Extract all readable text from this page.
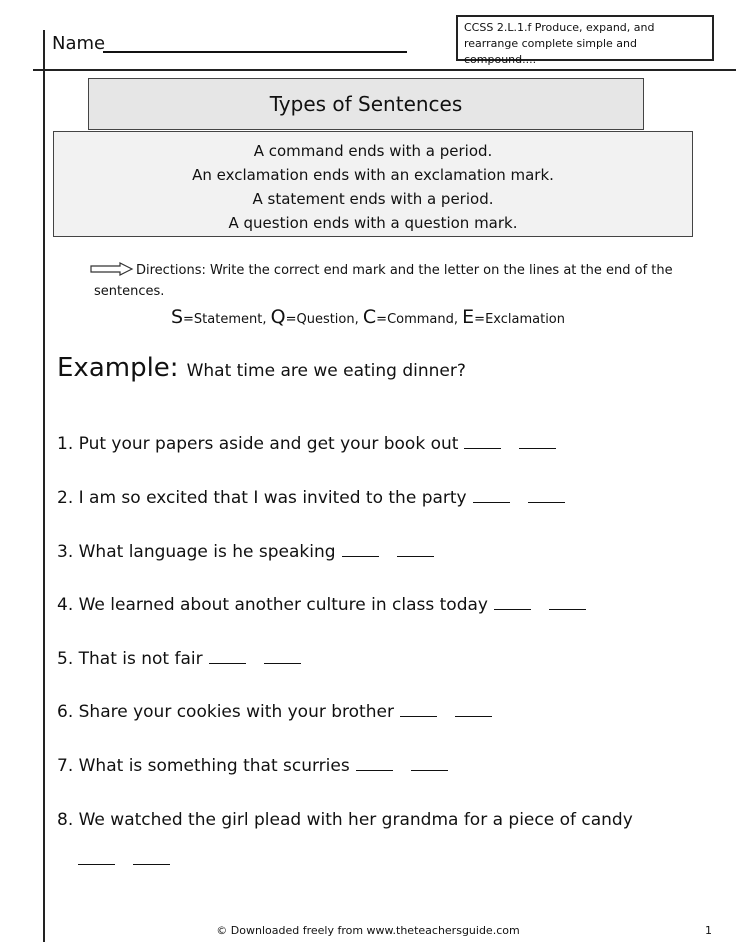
Name
CCSS 2.L.1.f Produce, expand, and rearrange complete simple and compound....
Types of Sentences
A command ends with a period.
An exclamation ends with an exclamation mark.
A statement ends with a period.
A question ends with a question mark.
Directions: Write the correct end mark and the letter on the lines at the end of the sentences.
S=Statement, Q=Question, C=Command, E=Exclamation
Example: What time are we eating dinner?
1. Put your papers aside and get your book out
2. I am so excited that I was invited to the party
3. What language is he speaking
4. We learned about another culture in class today
5. That is not fair
6. Share your cookies with your brother
7. What is something that scurries
8. We watched the girl plead with her grandma for a piece of candy
© Downloaded freely from www.theteachersguide.com	1
